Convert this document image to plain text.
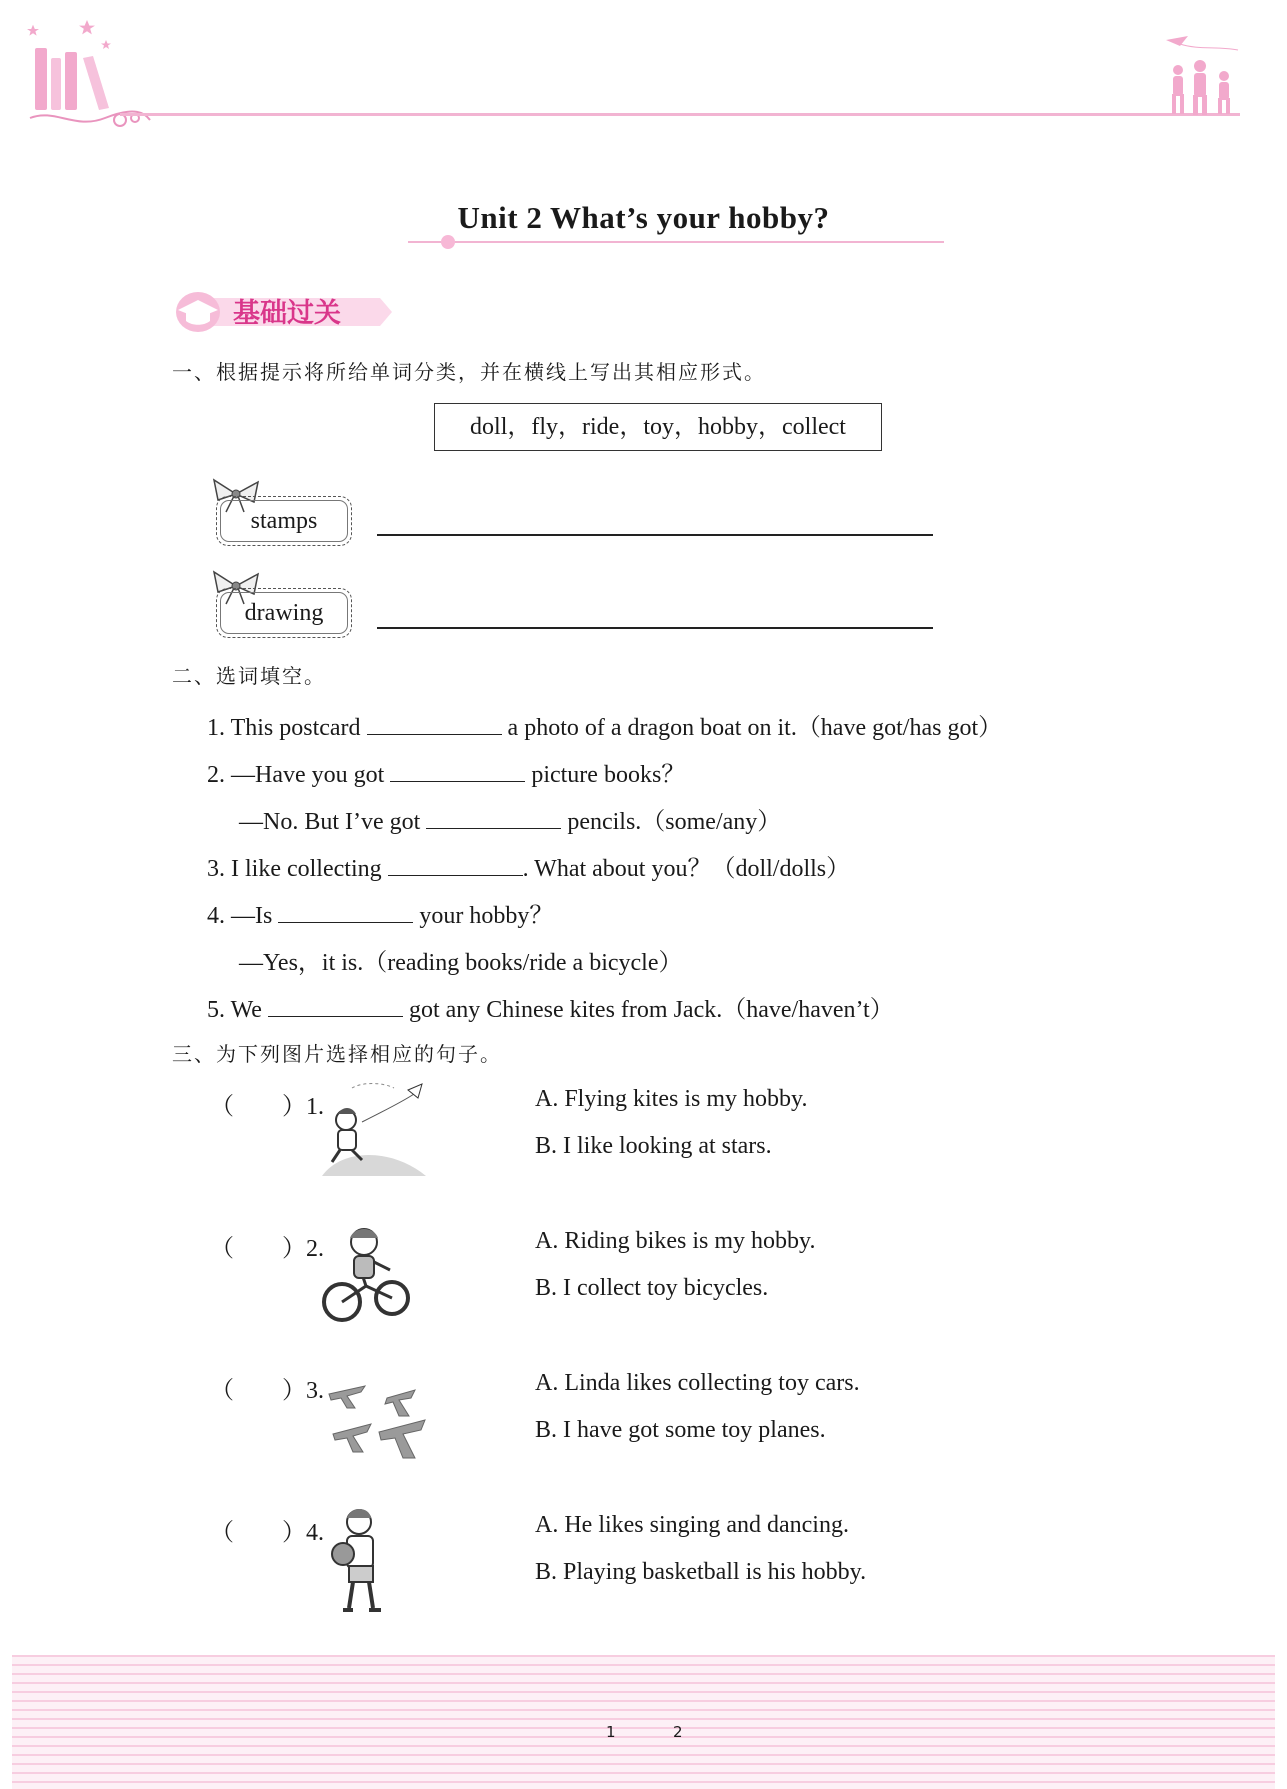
Unit 2 What’s your hobby?
基础过关
一、根据提示将所给单词分类，并在横线上写出其相应形式。
doll，fly，ride，toy，hobby，collect
stamps
drawing
二、选词填空。
1. This postcard	a photo of a dragon boat on it.（have got/has got）
2. —Have you got	picture books？
—No. But I’ve got	pencils.（some/any）
3. I like collecting	. What about you？（doll/dolls）
4. —Is	your hobby？
—Yes，it is.（reading books/ride a bicycle）
5. We	got any Chinese kites from Jack.（have/haven’t）
三、为下列图片选择相应的句子。
（　　）1.	A. Flying kites is my hobby.
B. I like looking at stars.
（　　）2.	A. Riding bikes is my hobby.
B. I collect toy bicycles.
（　　）3.	A. Linda likes collecting toy cars.
B. I have got some toy planes.
（　　）4.	A. He likes singing and dancing.
B. Playing basketball is his hobby.
1	2
